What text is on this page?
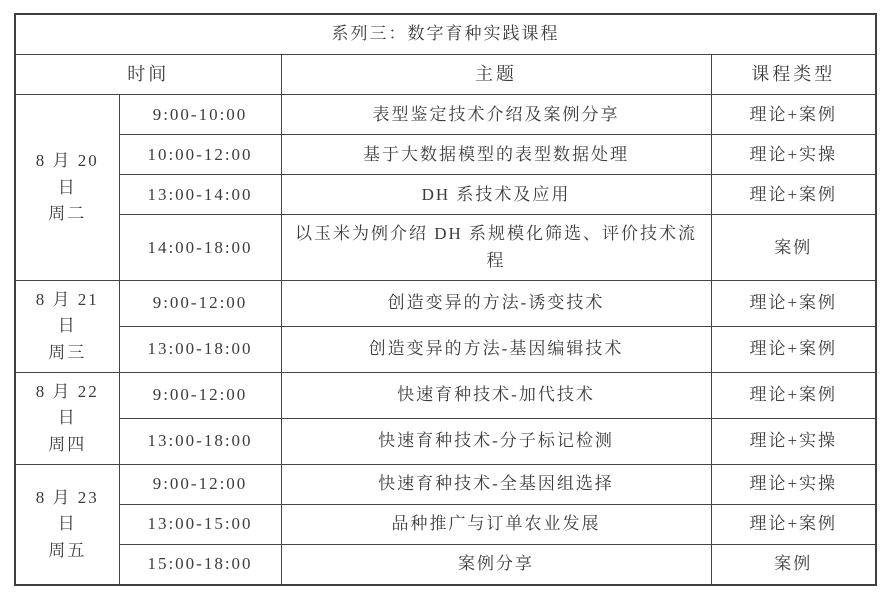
系列三：数字育种实践课程			
时间		主题	课程类型

8 月 20 日
周二	9:00-10:00	表型鉴定技术介绍及案例分享	理论+案例
	10:00-12:00	基于大数据模型的表型数据处理	理论+实操
	13:00-14:00	DH 系技术及应用	理论+案例
	14:00-18:00	以玉米为例介绍 DH 系规模化筛选、评价技术流程	案例

8 月 21 日
周三	9:00-12:00	创造变异的方法-诱变技术	理论+案例
	13:00-18:00	创造变异的方法-基因编辑技术	理论+案例

8 月 22 日
周四	9:00-12:00	快速育种技术-加代技术	理论+案例
	13:00-18:00	快速育种技术-分子标记检测	理论+实操

8 月 23 日
周五	9:00-12:00	快速育种技术-全基因组选择	理论+实操
	13:00-15:00	品种推广与订单农业发展	理论+案例
	15:00-18:00	案例分享	案例
